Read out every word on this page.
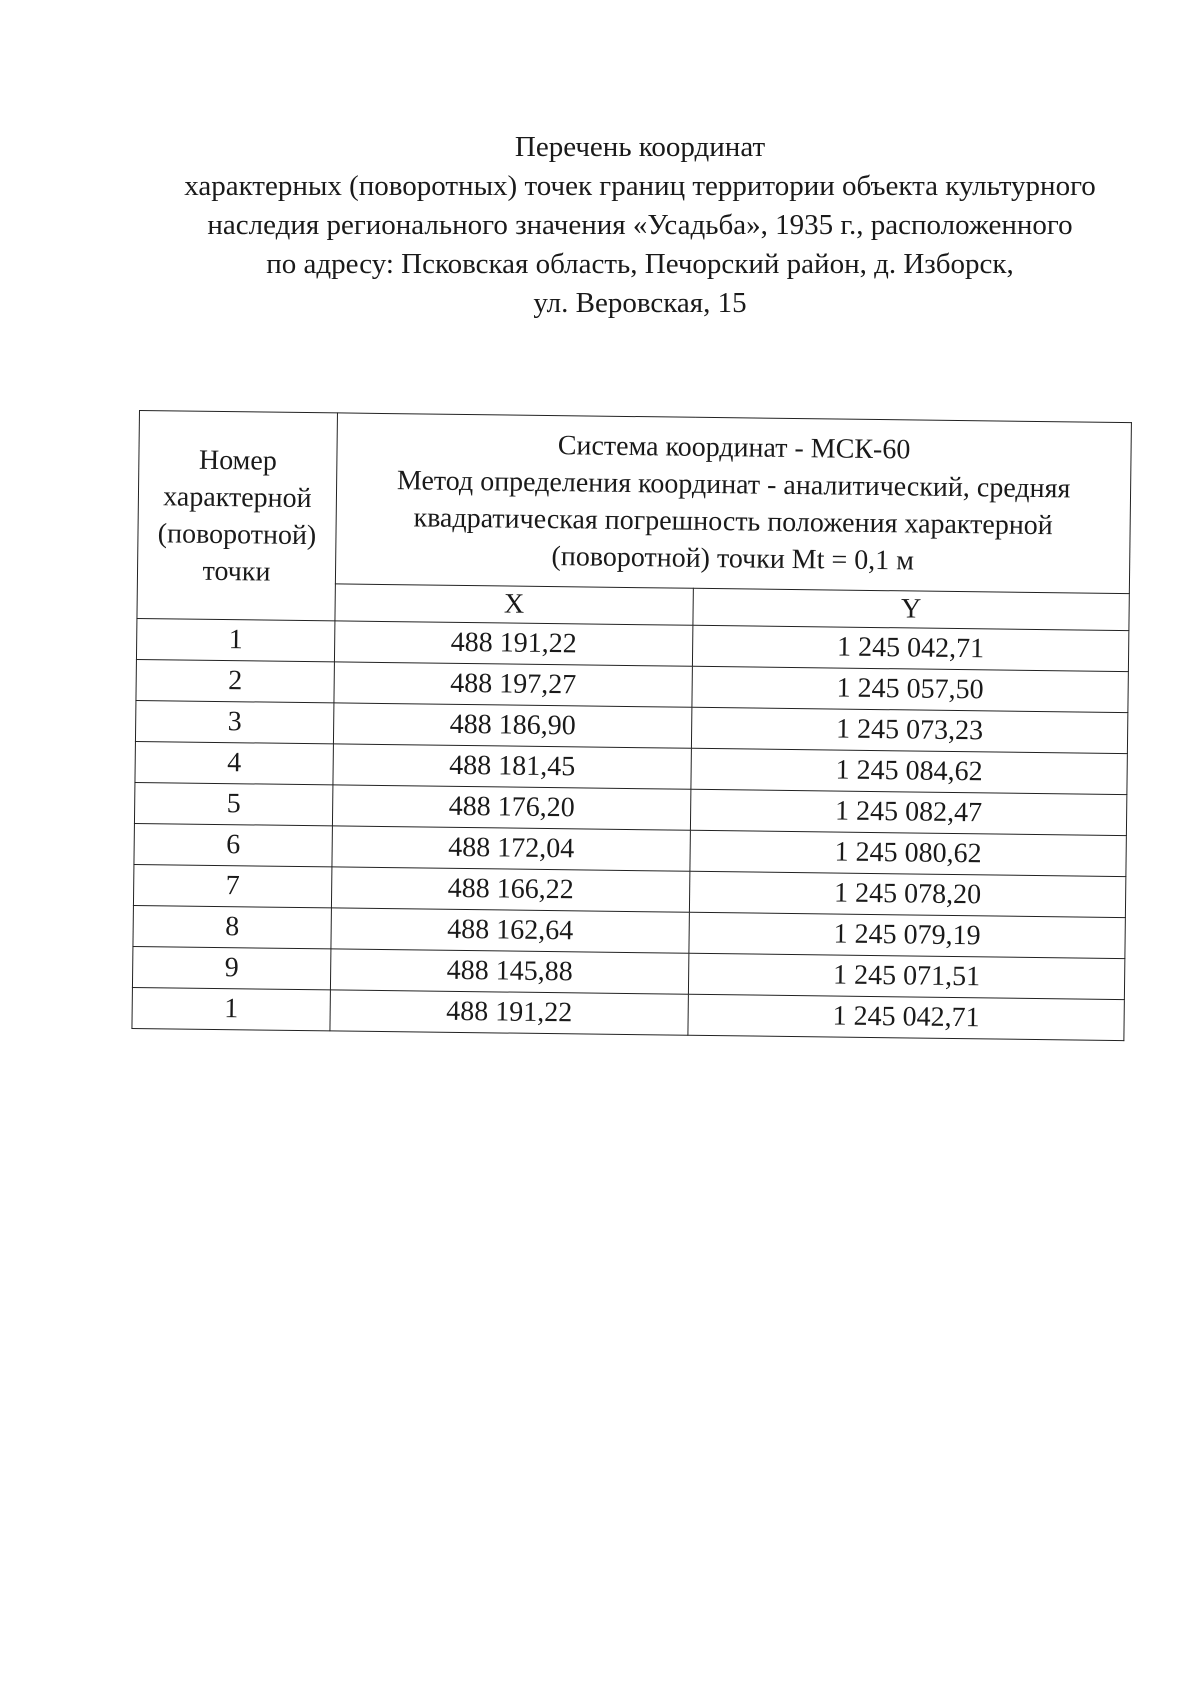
Перечень координат
характерных (поворотных) точек границ территории объекта культурного
наследия регионального значения «Усадьба», 1935 г., расположенного
по адресу: Псковская область, Печорский район, д. Изборск,
ул. Веровская, 15
Номер
характерной
(поворотной)
точки	Система координат - МСК-60
Метод определения координат - аналитический, средняя
квадратическая погрешность положения характерной
(поворотной) точки Mt = 0,1 м	

	X	Y
1	488 191,22	1 245 042,71
2	488 197,27	1 245 057,50
3	488 186,90	1 245 073,23
4	488 181,45	1 245 084,62
5	488 176,20	1 245 082,47
6	488 172,04	1 245 080,62
7	488 166,22	1 245 078,20
8	488 162,64	1 245 079,19
9	488 145,88	1 245 071,51
1	488 191,22	1 245 042,71
